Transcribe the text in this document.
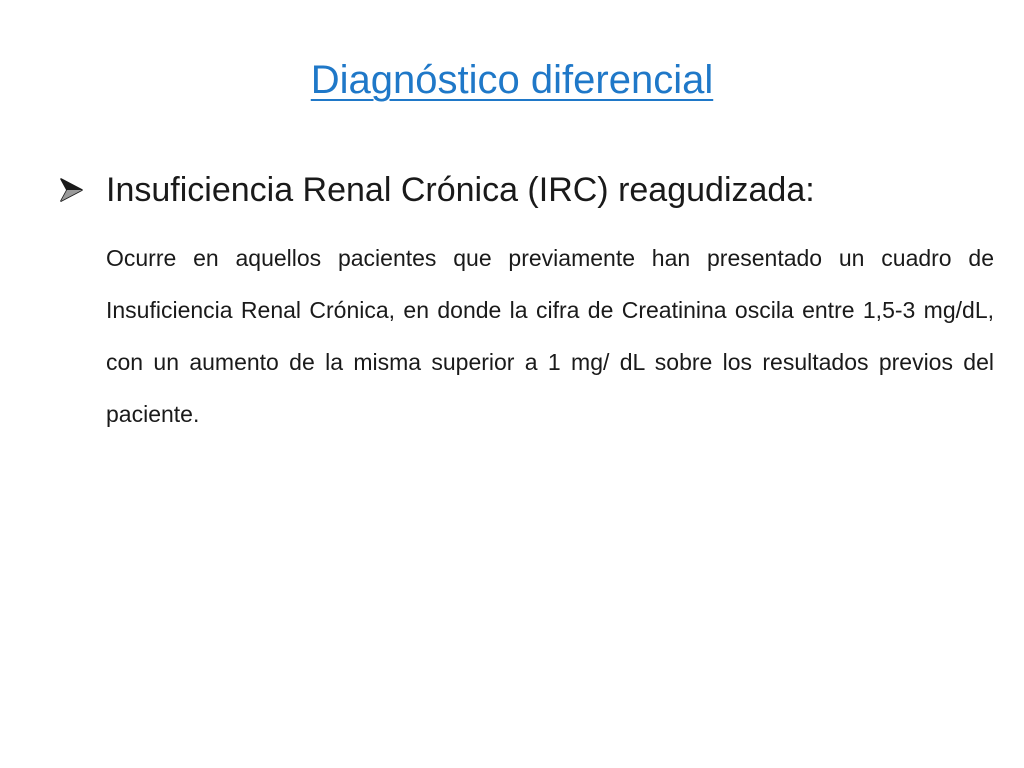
Diagnóstico diferencial
Insuficiencia Renal Crónica (IRC) reagudizada:

Ocurre en aquellos pacientes que previamente han presentado un cuadro de Insuficiencia Renal Crónica, en donde la cifra de Creatinina oscila entre 1,5-3 mg/dL, con un aumento de la misma superior a 1 mg/ dL sobre los resultados previos del paciente.
